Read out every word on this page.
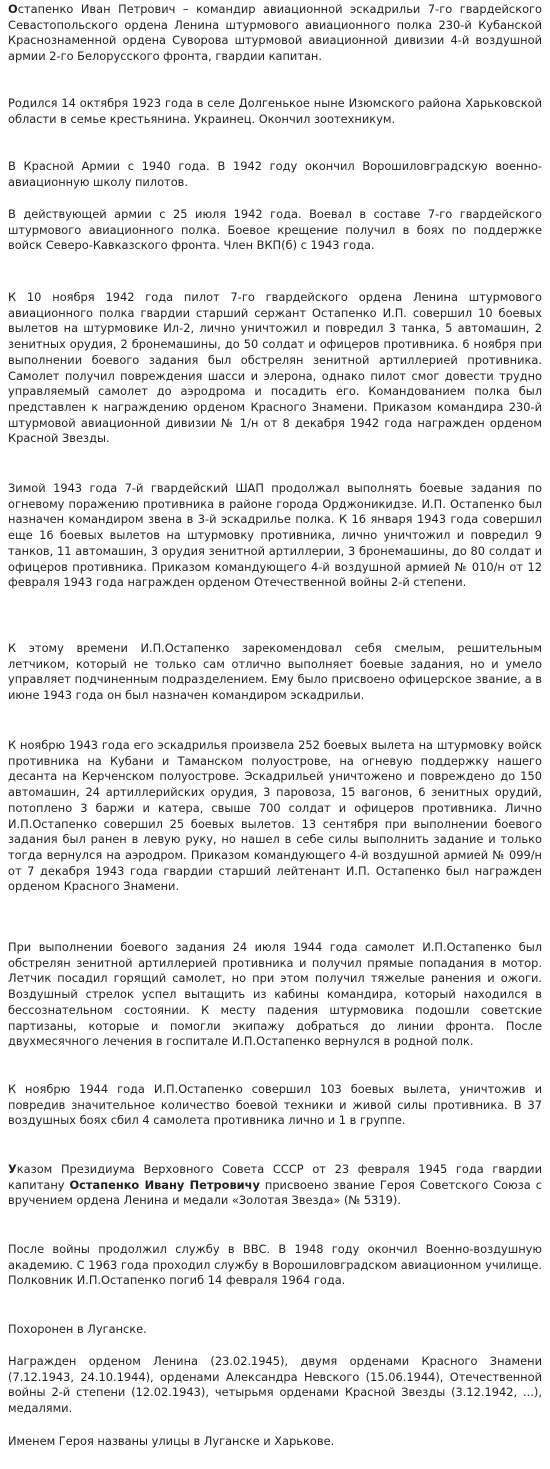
Остапенко Иван Петрович – командир авиационной эскадрильи 7-го гвардейского Севастопольского ордена Ленина штурмового авиационного полка 230-й Кубанской Краснознаменной ордена Суворова штурмовой авиационной дивизии 4-й воздушной армии 2-го Белорусского фронта, гвардии капитан.

Родился 14 октября 1923 года в селе Долгенькое ныне Изюмского района Харьковской области в семье крестьянина. Украинец. Окончил зоотехникум.

В Красной Армии с 1940 года. В 1942 году окончил Ворошиловградскую военно-авиационную школу пилотов.

В действующей армии с 25 июля 1942 года. Воевал в составе 7-го гвардейского штурмового авиационного полка. Боевое крещение получил в боях по поддержке войск Северо-Кавказского фронта. Член ВКП(б) с 1943 года.

К 10 ноября 1942 года пилот 7-го гвардейского ордена Ленина штурмового авиационного полка гвардии старший сержант Остапенко И.П. совершил 10 боевых вылетов на штурмовике Ил-2, лично уничтожил и повредил 3 танка, 5 автомашин, 2 зенитных орудия, 2 бронемашины, до 50 солдат и офицеров противника. 6 ноября при выполнении боевого задания был обстрелян зенитной артиллерией противника. Самолет получил повреждения шасси и элерона, однако пилот смог довести трудно управляемый самолет до аэродрома и посадить его. Командованием полка был представлен к награждению орденом Красного Знамени. Приказом командира 230-й штурмовой авиационной дивизии № 1/н от 8 декабря 1942 года награжден орденом Красной Звезды.

Зимой 1943 года 7-й гвардейский ШАП продолжал выполнять боевые задания по огневому поражению противника в районе города Орджоникидзе. И.П. Остапенко был назначен командиром звена в 3-й эскадрилье полка. К 16 января 1943 года совершил еще 16 боевых вылетов на штурмовку противника, лично уничтожил и повредил 9 танков, 11 автомашин, 3 орудия зенитной артиллерии, 3 бронемашины, до 80 солдат и офицеров противника. Приказом командующего 4-й воздушной армией № 010/н от 12 февраля 1943 года награжден орденом Отечественной войны 2-й степени.

К этому времени И.П.Остапенко зарекомендовал себя смелым, решительным летчиком, который не только сам отлично выполняет боевые задания, но и умело управляет подчиненным подразделением. Ему было присвоено офицерское звание, а в июне 1943 года он был назначен командиром эскадрильи.

К ноябрю 1943 года его эскадрилья произвела 252 боевых вылета на штурмовку войск противника на Кубани и Таманском полуострове, на огневую поддержку нашего десанта на Керченском полуострове. Эскадрильей уничтожено и повреждено до 150 автомашин, 24 артиллерийских орудия, 3 паровоза, 15 вагонов, 6 зенитных орудий, потоплено 3 баржи и катера, свыше 700 солдат и офицеров противника. Лично И.П.Остапенко совершил 25 боевых вылетов. 13 сентября при выполнении боевого задания был ранен в левую руку, но нашел в себе силы выполнить задание и только тогда вернулся на аэродром. Приказом командующего 4-й воздушной армией № 099/н от 7 декабря 1943 года гвардии старший лейтенант И.П. Остапенко был награжден орденом Красного Знамени.

При выполнении боевого задания 24 июля 1944 года самолет И.П.Остапенко был обстрелян зенитной артиллерией противника и получил прямые попадания в мотор. Летчик посадил горящий самолет, но при этом получил тяжелые ранения и ожоги. Воздушный стрелок успел вытащить из кабины командира, который находился в бессознательном состоянии. К месту падения штурмовика подошли советские партизаны, которые и помогли экипажу добраться до линии фронта. После двухмесячного лечения в госпитале И.П.Остапенко вернулся в родной полк.

К ноябрю 1944 года И.П.Остапенко совершил 103 боевых вылета, уничтожив и повредив значительное количество боевой техники и живой силы противника. В 37 воздушных боях сбил 4 самолета противника лично и 1 в группе.

Указом Президиума Верховного Совета СССР от 23 февраля 1945 года гвардии капитану Остапенко Ивану Петровичу присвоено звание Героя Советского Союза с вручением ордена Ленина и медали «Золотая Звезда» (№ 5319).

После войны продолжил службу в ВВС. В 1948 году окончил Военно-воздушную академию. С 1963 года проходил службу в Ворошиловградском авиационном училище. Полковник И.П.Остапенко погиб 14 февраля 1964 года.

Похоронен в Луганске.

Награжден орденом Ленина (23.02.1945), двумя орденами Красного Знамени (7.12.1943, 24.10.1944), орденами Александра Невского (15.06.1944), Отечественной войны 2-й степени (12.02.1943), четырьмя орденами Красной Звезды (3.12.1942, ...), медалями.

Именем Героя названы улицы в Луганске и Харькове.
